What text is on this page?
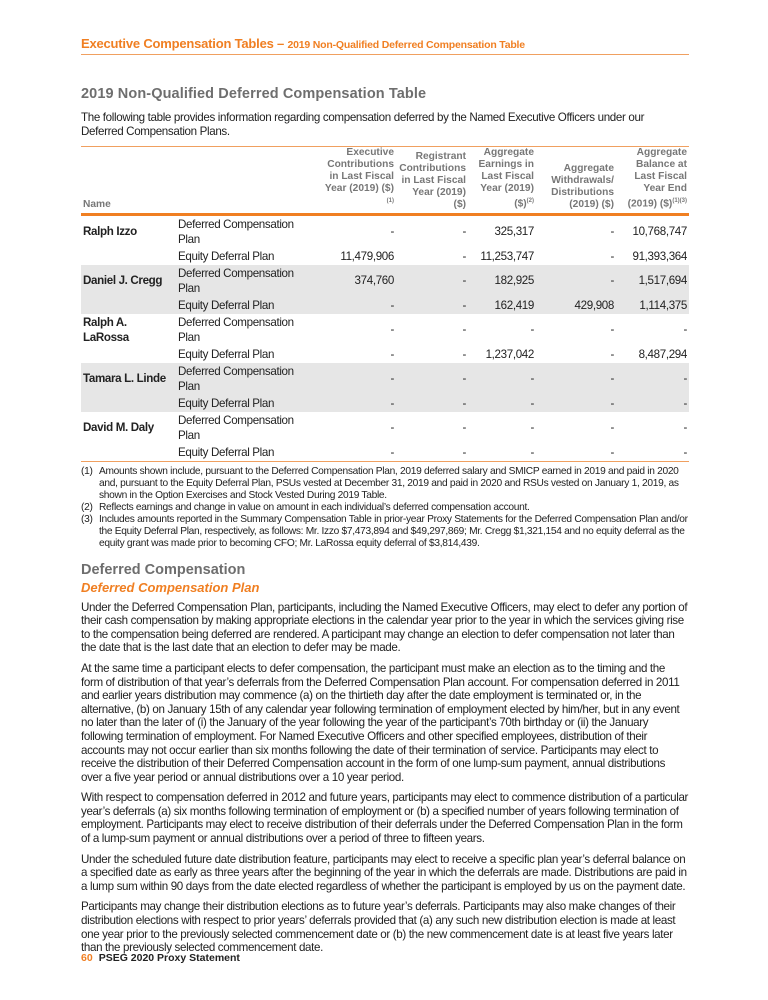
Executive Compensation Tables – 2019 Non-Qualified Deferred Compensation Table
2019 Non-Qualified Deferred Compensation Table

The following table provides information regarding compensation deferred by the Named Executive Officers under our Deferred Compensation Plans.

Name		Executive Contributions in Last Fiscal Year (2019) ($)$^{(1)}$	Registrant Contributions in Last Fiscal Year (2019) ($)	Aggregate Earnings in Last Fiscal Year (2019) ($)$^{(2)}$	Aggregate Withdrawals/ Distributions (2019) ($)	Aggregate Balance at Last Fiscal Year End (2019) ($)$^{(1)(3)}$
Ralph Izzo	Deferred Compensation Plan	-	-	325,317	-	10,768,747
	Equity Deferral Plan	11,479,906	-	11,253,747	-	91,393,364
Daniel J. Cregg	Deferred Compensation Plan	374,760	-	182,925	-	1,517,694
	Equity Deferral Plan	-	-	162,419	429,908	1,114,375
Ralph A. LaRossa	Deferred Compensation Plan	-	-	-	-	-
	Equity Deferral Plan	-	-	1,237,042	-	8,487,294
Tamara L. Linde	Deferred Compensation Plan	-	-	-	-	-
	Equity Deferral Plan	-	-	-	-	-
David M. Daly	Deferred Compensation Plan	-	-	-	-	-
	Equity Deferral Plan	-	-	-	-	-
(1) Amounts shown include, pursuant to the Deferred Compensation Plan, 2019 deferred salary and SMICP earned in 2019 and paid in 2020 and, pursuant to the Equity Deferral Plan, PSUs vested at December 31, 2019 and paid in 2020 and RSUs vested on January 1, 2019, as shown in the Option Exercises and Stock Vested During 2019 Table.
(2) Reflects earnings and change in value on amount in each individual’s deferred compensation account.
(3) Includes amounts reported in the Summary Compensation Table in prior-year Proxy Statements for the Deferred Compensation Plan and/or the Equity Deferral Plan, respectively, as follows: Mr. Izzo $7,473,894 and $49,297,869; Mr. Cregg $1,321,154 and no equity deferral as the equity grant was made prior to becoming CFO; Mr. LaRossa equity deferral of $3,814,439.
Deferred Compensation
Deferred Compensation Plan

Under the Deferred Compensation Plan, participants, including the Named Executive Officers, may elect to defer any portion of their cash compensation by making appropriate elections in the calendar year prior to the year in which the services giving rise to the compensation being deferred are rendered. A participant may change an election to defer compensation not later than the date that is the last date that an election to defer may be made.

At the same time a participant elects to defer compensation, the participant must make an election as to the timing and the form of distribution of that year’s deferrals from the Deferred Compensation Plan account. For compensation deferred in 2011 and earlier years distribution may commence (a) on the thirtieth day after the date employment is terminated or, in the alternative, (b) on January 15th of any calendar year following termination of employment elected by him/her, but in any event no later than the later of (i) the January of the year following the year of the participant’s 70th birthday or (ii) the January following termination of employment. For Named Executive Officers and other specified employees, distribution of their accounts may not occur earlier than six months following the date of their termination of service. Participants may elect to receive the distribution of their Deferred Compensation account in the form of one lump-sum payment, annual distributions over a five year period or annual distributions over a 10 year period.

With respect to compensation deferred in 2012 and future years, participants may elect to commence distribution of a particular year’s deferrals (a) six months following termination of employment or (b) a specified number of years following termination of employment. Participants may elect to receive distribution of their deferrals under the Deferred Compensation Plan in the form of a lump-sum payment or annual distributions over a period of three to fifteen years.

Under the scheduled future date distribution feature, participants may elect to receive a specific plan year’s deferral balance on a specified date as early as three years after the beginning of the year in which the deferrals are made. Distributions are paid in a lump sum within 90 days from the date elected regardless of whether the participant is employed by us on the payment date.

Participants may change their distribution elections as to future year’s deferrals. Participants may also make changes of their distribution elections with respect to prior years’ deferrals provided that (a) any such new distribution election is made at least one year prior to the previously selected commencement date or (b) the new commencement date is at least five years later than the previously selected commencement date.

60 PSEG 2020 Proxy Statement
